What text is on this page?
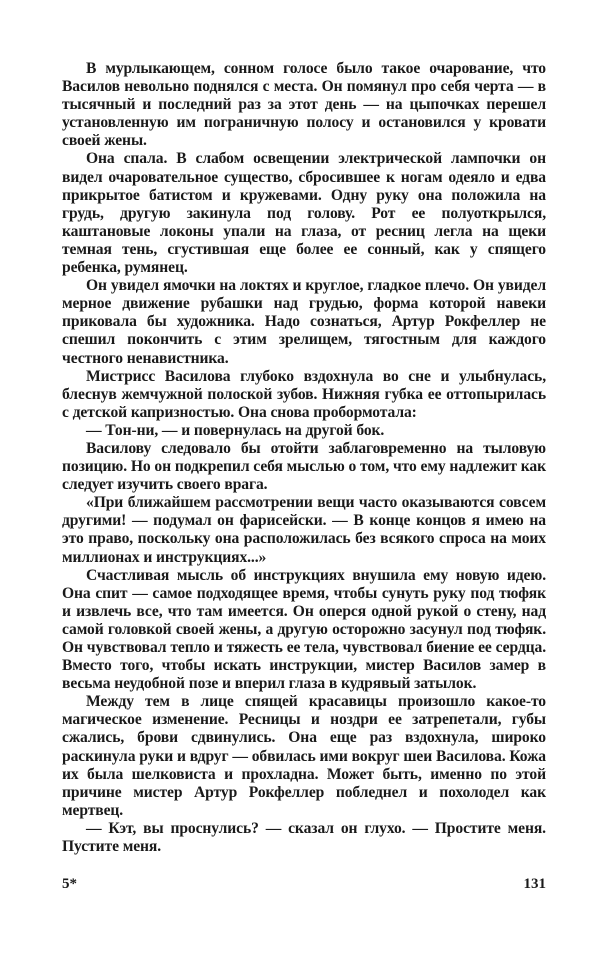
В мурлыкающем, сонном голосе было такое очарование, что Василов невольно поднялся с места. Он помянул про себя черта — в тысячный и последний раз за этот день — на цыпочках перешел установленную им пограничную полосу и остановился у кровати своей жены.

Она спала. В слабом освещении электрической лампочки он видел очаровательное существо, сбросившее к ногам одеяло и едва прикрытое батистом и кружевами. Одну руку она положила на грудь, другую закинула под голову. Рот ее полуоткрылся, каштановые локоны упали на глаза, от ресниц легла на щеки темная тень, сгустившая еще более ее сонный, как у спящего ребенка, румянец.

Он увидел ямочки на локтях и круглое, гладкое плечо. Он увидел мерное движение рубашки над грудью, форма которой навеки приковала бы художника. Надо сознаться, Артур Рокфеллер не спешил покончить с этим зрелищем, тягостным для каждого честного ненавистника.

Мистрисс Василова глубоко вздохнула во сне и улыбнулась, блеснув жемчужной полоской зубов. Нижняя губка ее оттопырилась с детской капризностью. Она снова пробормотала:

— Тон-ни, — и повернулась на другой бок.

Василову следовало бы отойти заблаговременно на тыловую позицию. Но он подкрепил себя мыслью о том, что ему надлежит как следует изучить своего врага.

«При ближайшем рассмотрении вещи часто оказываются совсем другими! — подумал он фарисейски. — В конце концов я имею на это право, поскольку она расположилась без всякого спроса на моих миллионах и инструкциях...»

Счастливая мысль об инструкциях внушила ему новую идею. Она спит — самое подходящее время, чтобы сунуть руку под тюфяк и извлечь все, что там имеется. Он оперся одной рукой о стену, над самой головкой своей жены, а другую осторожно засунул под тюфяк. Он чувствовал тепло и тяжесть ее тела, чувствовал биение ее сердца. Вместо того, чтобы искать инструкции, мистер Василов замер в весьма неудобной позе и вперил глаза в кудрявый затылок.

Между тем в лице спящей красавицы произошло какое-то магическое изменение. Ресницы и ноздри ее затрепетали, губы сжались, брови сдвинулись. Она еще раз вздохнула, широко раскинула руки и вдруг — обвилась ими вокруг шеи Василова. Кожа их была шелковиста и прохладна. Может быть, именно по этой причине мистер Артур Рокфеллер побледнел и похолодел как мертвец.

— Кэт, вы проснулись? — сказал он глухо. — Простите меня. Пустите меня.

5*	131
